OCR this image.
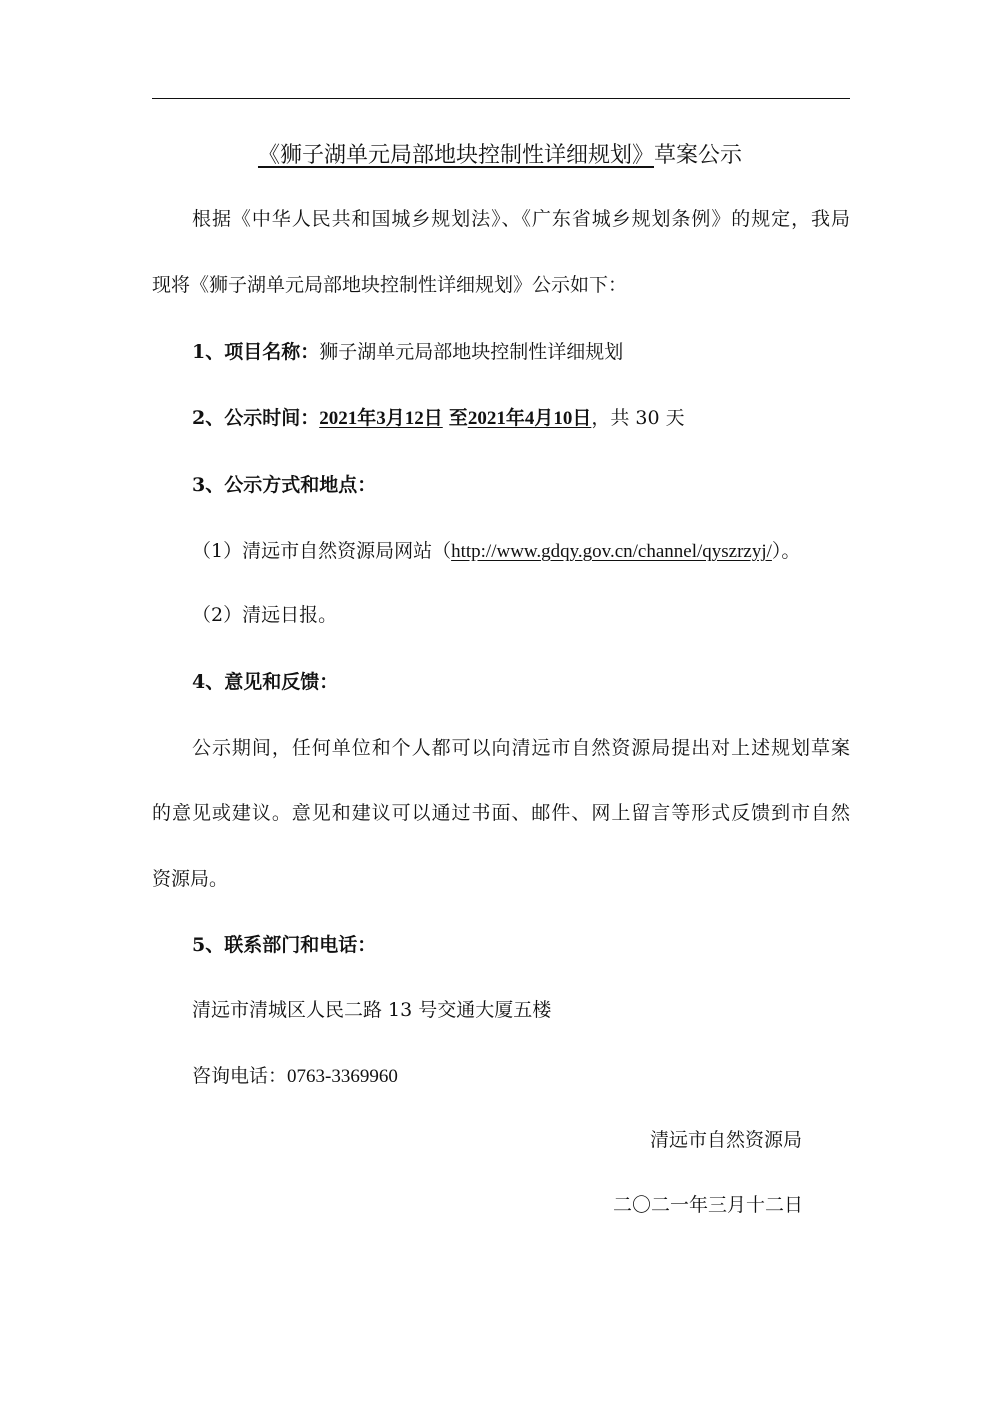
《狮子湖单元局部地块控制性详细规划》草案公示
根据《中华人民共和国城乡规划法》、《广东省城乡规划条例》的规定，我局
现将《狮子湖单元局部地块控制性详细规划》公示如下：
1、项目名称：狮子湖单元局部地块控制性详细规划
2、公示时间：2021年3月12日 至2021年4月10日，共 30 天
3、公示方式和地点：
（1）清远市自然资源局网站（http://www.gdqy.gov.cn/channel/qyszrzyj/）。
（2）清远日报。
4、意见和反馈：
公示期间，任何单位和个人都可以向清远市自然资源局提出对上述规划草案
的意见或建议。意见和建议可以通过书面、邮件、网上留言等形式反馈到市自然
资源局。
5、联系部门和电话：
清远市清城区人民二路 13 号交通大厦五楼
咨询电话：0763-3369960
清远市自然资源局
二〇二一年三月十二日
